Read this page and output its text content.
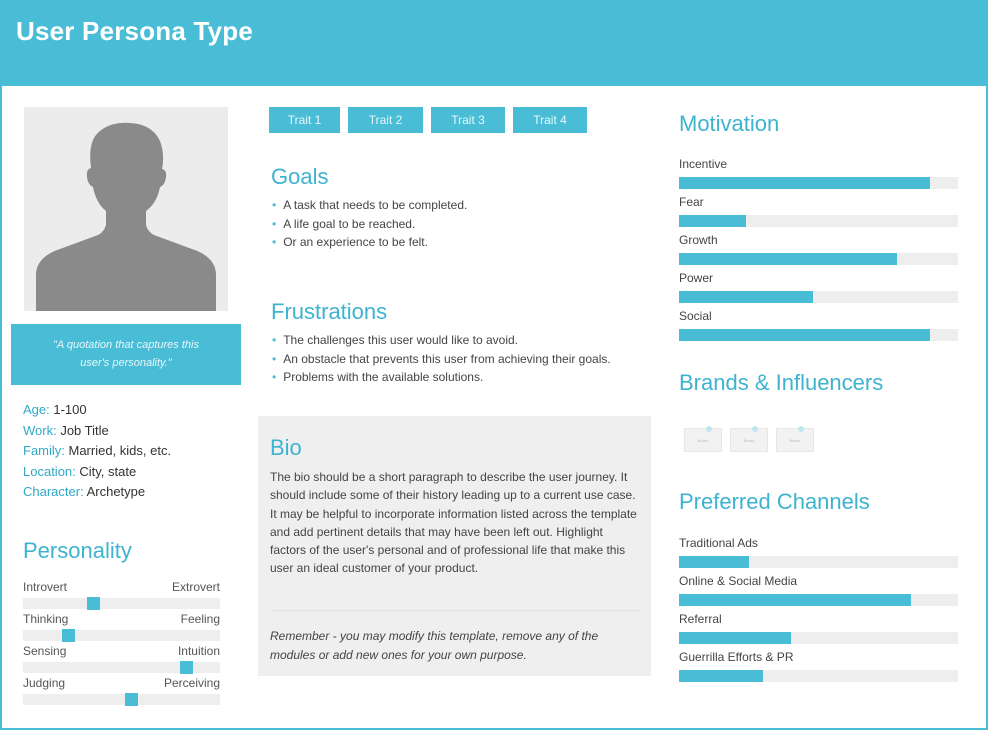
User Persona Type
"A quotation that captures this user's personality."
Age: 1-100
Work: Job Title
Family: Married, kids, etc.
Location: City, state
Character: Archetype
Personality
Introvert	Extrovert
Thinking	Feeling
Sensing	Intuition
Judging	Perceiving
Trait 1	Trait 2	Trait 3	Trait 4
Goals
• A task that needs to be completed.
• A life goal to be reached.
• Or an experience to be felt.
Frustrations
• The challenges this user would like to avoid.
• An obstacle that prevents this user from achieving their goals.
• Problems with the available solutions.
Bio
The bio should be a short paragraph to describe the user journey. It should include some of their history leading up to a current use case. It may be helpful to incorporate information listed across the template and add pertinent details that may have been left out. Highlight factors of the user's personal and of professional life that make this user an ideal customer of your product.
Remember - you may modify this template, remove any of the modules or add new ones for your own purpose.
Motivation
Incentive
Fear
Growth
Power
Social
Brands & Influencers
Brand	Brand	Brand
Preferred Channels
Traditional Ads
Online & Social Media
Referral
Guerrilla Efforts & PR
